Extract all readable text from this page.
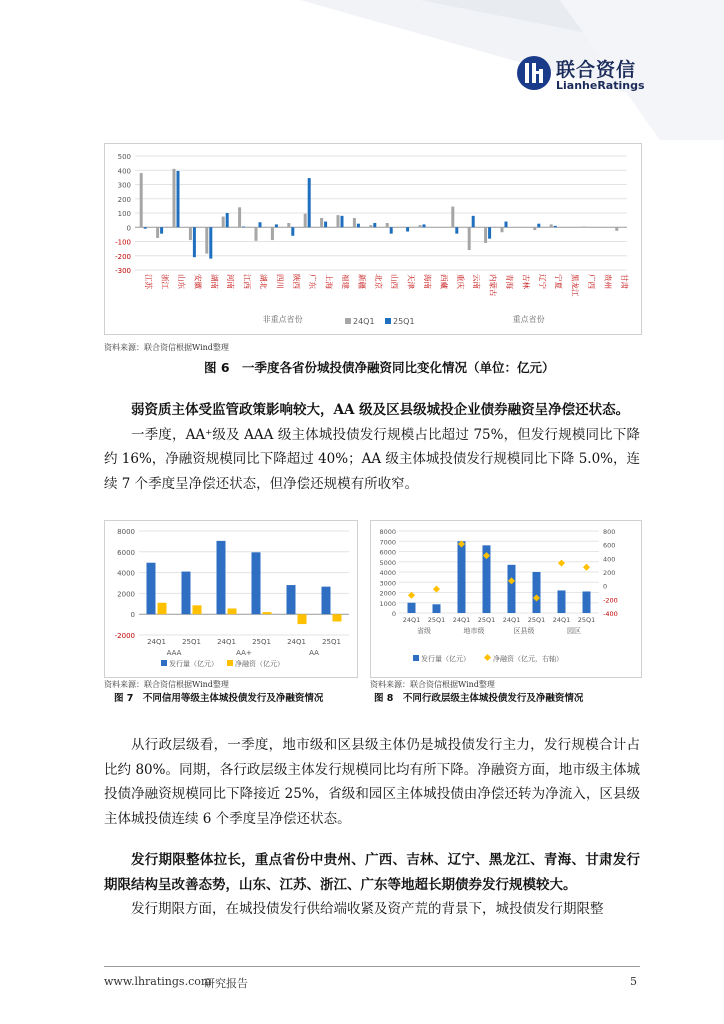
联合资信
LianheRatings
500
400
300
200
100
0
-100
-200
-300
江苏 浙江 山东 安徽 湖南 河南 江西 湖北 四川 陕西 广东 上海 福建 新疆 北京 山西 天津 海南 西藏 重庆 云南 内蒙古 青海 吉林 辽宁 宁夏 黑龙江 广西 贵州 甘肃
非重点省份	重点省份
24Q1 25Q1
资料来源：联合资信根据Wind整理
图 6　一季度各省份城投债净融资同比变化情况（单位：亿元）

弱资质主体受监管政策影响较大，AA 级及区县级城投企业债券融资呈净偿还状态。

一季度，AA⁺级及 AAA 级主体城投债发行规模占比超过 75%，但发行规模同比下降约 16%，净融资规模同比下降超过 40%；AA 级主体城投债发行规模同比下降 5.0%，连续 7 个季度呈净偿还状态，但净偿还规模有所收窄。

8000
6000
4000
2000
0
-2000
24Q1 25Q1 24Q1 25Q1 24Q1 25Q1
AAA	AA+	AA
发行量（亿元） 净融资（亿元）
资料来源：联合资信根据Wind整理
图 7　不同信用等级主体城投债发行及净融资情况
8000
7000
6000
5000
4000
3000
2000
1000
0
800
600
400
200
0
-200
-400
24Q1 25Q1 24Q1 25Q1 24Q1 25Q1 24Q1 25Q1
省级	地市级	区县级	园区
发行量（亿元）	净融资（亿元，右轴）
资料来源：联合资信根据Wind整理
图 8　不同行政层级主体城投债发行及净融资情况

从行政层级看，一季度，地市级和区县级主体仍是城投债发行主力，发行规模合计占比约 80%。同期，各行政层级主体发行规模同比均有所下降。净融资方面，地市级主体城投债净融资规模同比下降接近 25%，省级和园区主体城投债由净偿还转为净流入，区县级主体城投债连续 6 个季度呈净偿还状态。

发行期限整体拉长，重点省份中贵州、广西、吉林、辽宁、黑龙江、青海、甘肃发行期限结构呈改善态势，山东、江苏、浙江、广东等地超长期债券发行规模较大。

发行期限方面，在城投债发行供给端收紧及资产荒的背景下，城投债发行期限整

www.lhratings.com
研究报告	5
